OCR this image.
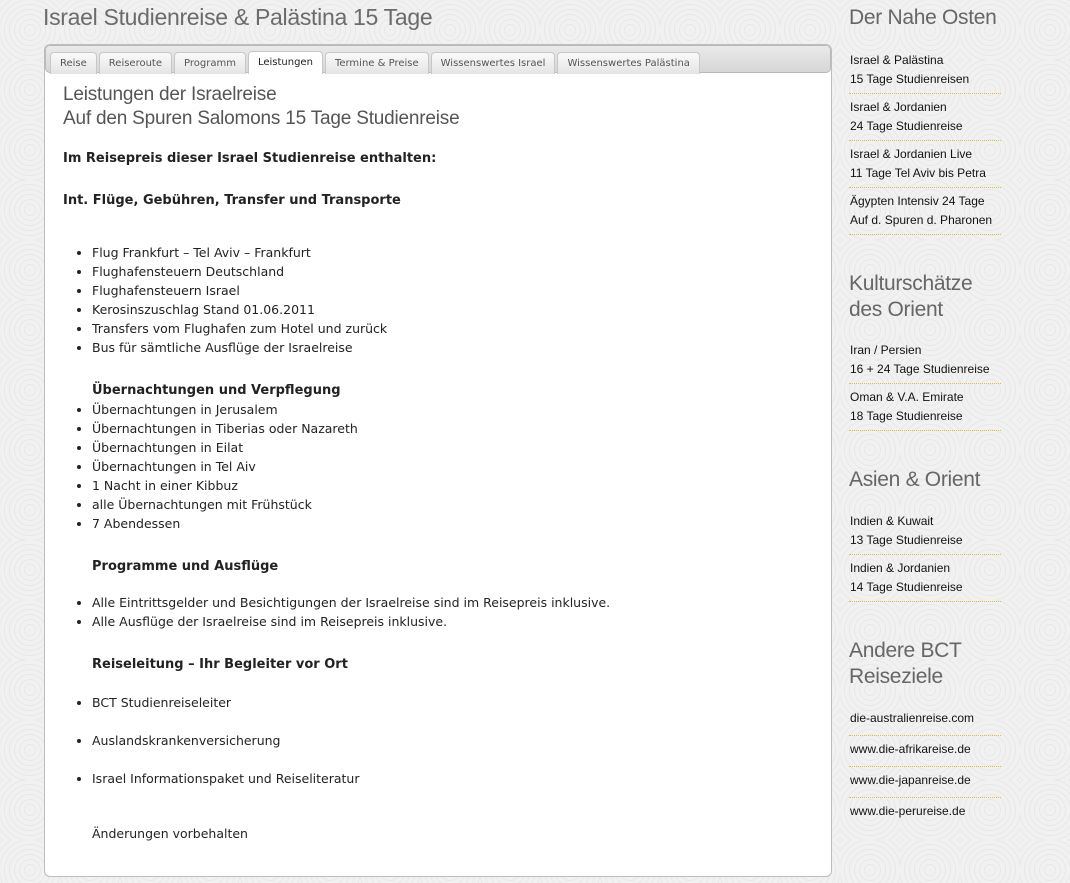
Israel Studienreise & Palästina 15 Tage
Reise Reiseroute Programm Leistungen Termine & Preise Wissenswertes Israel Wissenswertes Palästina
Leistungen der Israelreise
Auf den Spuren Salomons 15 Tage Studienreise

Im Reisepreis dieser Israel Studienreise enthalten:

Int. Flüge, Gebühren, Transfer und Transporte

• Flug Frankfurt – Tel Aviv – Frankfurt
• Flughafensteuern Deutschland
• Flughafensteuern Israel
• Kerosinszuschlag Stand 01.06.2011
• Transfers vom Flughafen zum Hotel und zurück
• Bus für sämtliche Ausflüge der Israelreise

Übernachtungen und Verpflegung

• Übernachtungen in Jerusalem
• Übernachtungen in Tiberias oder Nazareth
• Übernachtungen in Eilat
• Übernachtungen in Tel Aiv
• 1 Nacht in einer Kibbuz
• alle Übernachtungen mit Frühstück
• 7 Abendessen

Programme und Ausflüge

• Alle Eintrittsgelder und Besichtigungen der Israelreise sind im Reisepreis inklusive.
• Alle Ausflüge der Israelreise sind im Reisepreis inklusive.

Reiseleitung – Ihr Begleiter vor Ort

• BCT Studienreiseleiter
• Auslandskrankenversicherung
• Israel Informationspaket und Reiseliteratur

Änderungen vorbehalten

Der Nahe Osten
Israel & Palästina
15 Tage Studienreisen
Israel & Jordanien
24 Tage Studienreise
Israel & Jordanien Live
11 Tage Tel Aviv bis Petra
Ägypten Intensiv 24 Tage
Auf d. Spuren d. Pharonen
Kulturschätze
des Orient
Iran / Persien
16 + 24 Tage Studienreise
Oman & V.A. Emirate
18 Tage Studienreise
Asien & Orient
Indien & Kuwait
13 Tage Studienreise
Indien & Jordanien
14 Tage Studienreise
Andere BCT
Reiseziele
die-australienreise.com
www.die-afrikareise.de
www.die-japanreise.de
www.die-perureise.de
